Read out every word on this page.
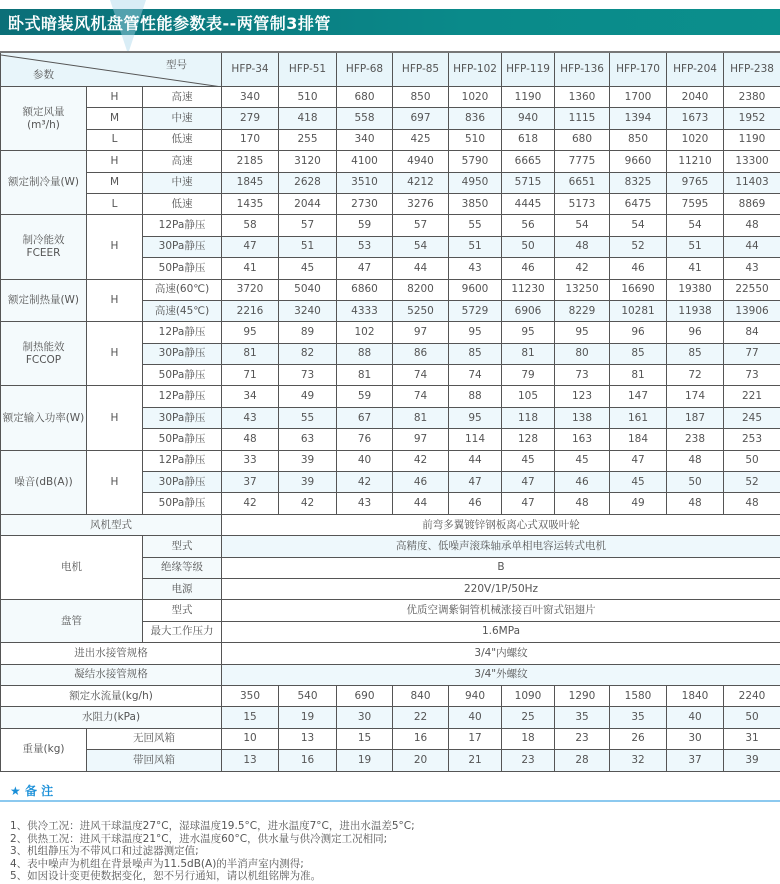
卧式暗装风机盘管性能参数表--两管制3排管
参数
型号			HFP-34	HFP-51	HFP-68	HFP-85	HFP-102	HFP-119	HFP-136	HFP-170	HFP-204	HFP-238

额定风量
(m³/h)	H	高速	340	510	680	850	1020	1190	1360	1700	2040	2380
	M	中速	279	418	558	697	836	940	1115	1394	1673	1952
	L	低速	170	255	340	425	510	618	680	850	1020	1190

额定制冷量(W)	H	高速	2185	3120	4100	4940	5790	6665	7775	9660	11210	13300
	M	中速	1845	2628	3510	4212	4950	5715	6651	8325	9765	11403
	L	低速	1435	2044	2730	3276	3850	4445	5173	6475	7595	8869

制冷能效
FCEER	H	12Pa静压	58	57	59	57	55	56	54	54	54	48
		30Pa静压	47	51	53	54	51	50	48	52	51	44
		50Pa静压	41	45	47	44	43	46	42	46	41	43

额定制热量(W)	H	高速(60℃)	3720	5040	6860	8200	9600	11230	13250	16690	19380	22550
		高速(45℃)	2216	3240	4333	5250	5729	6906	8229	10281	11938	13906

制热能效
FCCOP	H	12Pa静压	95	89	102	97	95	95	95	96	96	84
		30Pa静压	81	82	88	86	85	81	80	85	85	77
		50Pa静压	71	73	81	74	74	79	73	81	72	73

额定输入功率(W)	H	12Pa静压	34	49	59	74	88	105	123	147	174	221
		30Pa静压	43	55	67	81	95	118	138	161	187	245
		50Pa静压	48	63	76	97	114	128	163	184	238	253

噪音(dB(A))	H	12Pa静压	33	39	40	42	44	45	45	47	48	50
		30Pa静压	37	39	42	46	47	47	46	45	50	52
		50Pa静压	42	42	43	44	46	47	48	49	48	48
风机型式			前弯多翼镀锌钢板离心式双吸叶轮									
电机		型式	高精度、低噪声滚珠轴承单相电容运转式电机									
		绝缘等级	B									
		电源	220V/1P/50Hz									
盘管		型式	优质空调紫铜管机械涨接百叶窗式铝翅片									
		最大工作压力	1.6MPa									
进出水接管规格			3/4"内螺纹									
凝结水接管规格			3/4"外螺纹									
额定水流量(kg/h)			350	540	690	840	940	1090	1290	1580	1840	2240
水阻力(kPa)			15	19	30	22	40	25	35	35	40	50
重量(kg)	无回风箱		10	13	15	16	17	18	23	26	30	31
	带回风箱		13	16	19	20	21	23	28	32	37	39
★ 备 注
1、供冷工况：进风干球温度27°C，湿球温度19.5°C，进水温度7°C，进出水温差5°C;
2、供热工况：进风干球温度21°C，进水温度60°C，供水量与供冷测定工况相同;
3、机组静压为不带风口和过滤器测定值;
4、表中噪声为机组在背景噪声为11.5dB(A)的半消声室内测得;
5、如因设计变更使数据变化，恕不另行通知，请以机组铭牌为准。
